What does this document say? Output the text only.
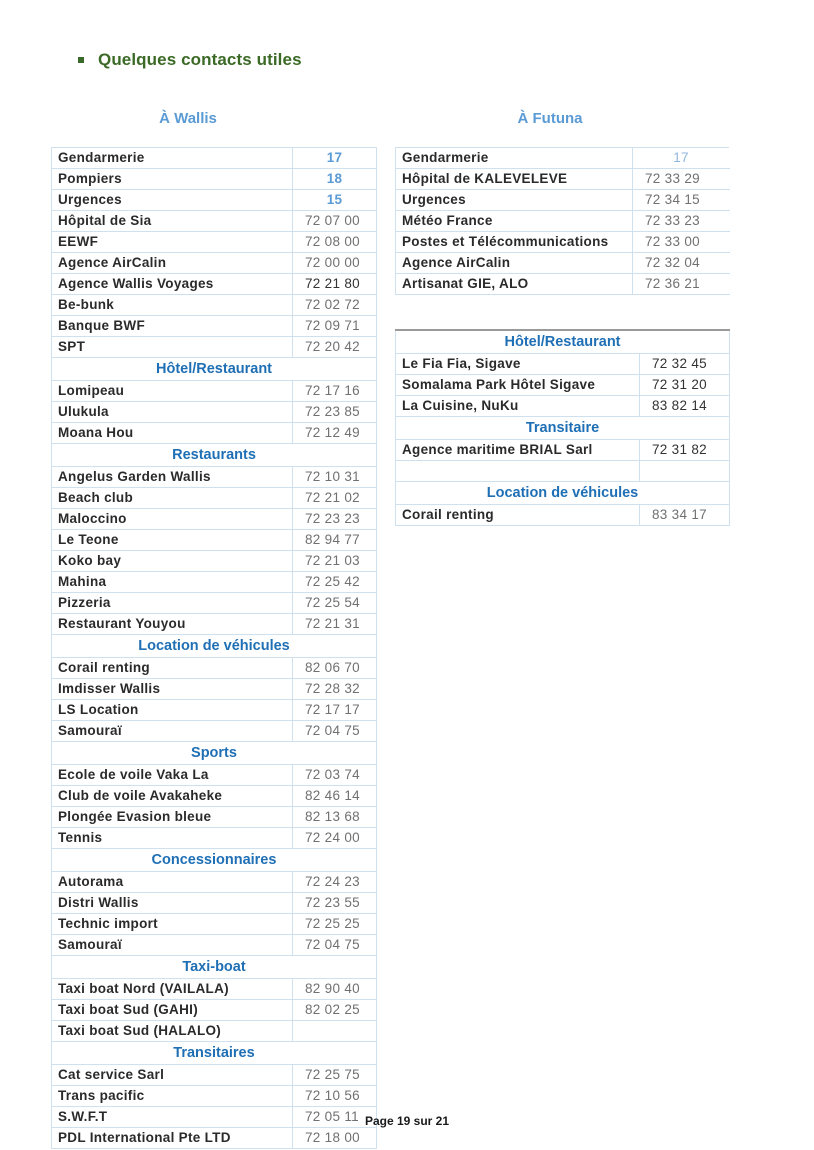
Quelques contacts utiles
À Wallis	À Futuna
Gendarmerie	17
Pompiers	18
Urgences	15
Hôpital de Sia	72 07 00
EEWF	72 08 00
Agence AirCalin	72 00 00
Agence Wallis Voyages	72 21 80
Be-bunk	72 02 72
Banque BWF	72 09 71
SPT	72 20 42
Hôtel/Restaurant	
Lomipeau	72 17 16
Ulukula	72 23 85
Moana Hou	72 12 49
Restaurants	
Angelus Garden Wallis	72 10 31
Beach club	72 21 02
Maloccino	72 23 23
Le Teone	82 94 77
Koko bay	72 21 03
Mahina	72 25 42
Pizzeria	72 25 54
Restaurant Youyou	72 21 31
Location de véhicules	
Corail renting	82 06 70
Imdisser Wallis	72 28 32
LS Location	72 17 17
Samouraï	72 04 75
Sports	
Ecole de voile Vaka La	72 03 74
Club de voile Avakaheke	82 46 14
Plongée Evasion bleue	82 13 68
Tennis	72 24 00
Concessionnaires	
Autorama	72 24 23
Distri Wallis	72 23 55
Technic import	72 25 25
Samouraï	72 04 75
Taxi-boat	
Taxi boat Nord (VAILALA)	82 90 40
Taxi boat Sud (GAHI)	82 02 25
Taxi boat Sud (HALALO)	
Transitaires	
Cat service Sarl	72 25 75
Trans pacific	72 10 56
S.W.F.T	72 05 11
PDL International Pte LTD	72 18 00
Gendarmerie	17
Hôpital de KALEVELEVE	72 33 29
Urgences	72 34 15
Météo France	72 33 23
Postes et Télécommunications	72 33 00
Agence AirCalin	72 32 04
Artisanat GIE, ALO	72 36 21
Hôtel/Restaurant	
Le Fia Fia, Sigave	72 32 45
Somalama Park Hôtel Sigave	72 31 20
La Cuisine, NuKu	83 82 14
Transitaire	
Agence maritime BRIAL Sarl	72 31 82

Location de véhicules	
Corail renting	83 34 17
Page 19 sur 21
